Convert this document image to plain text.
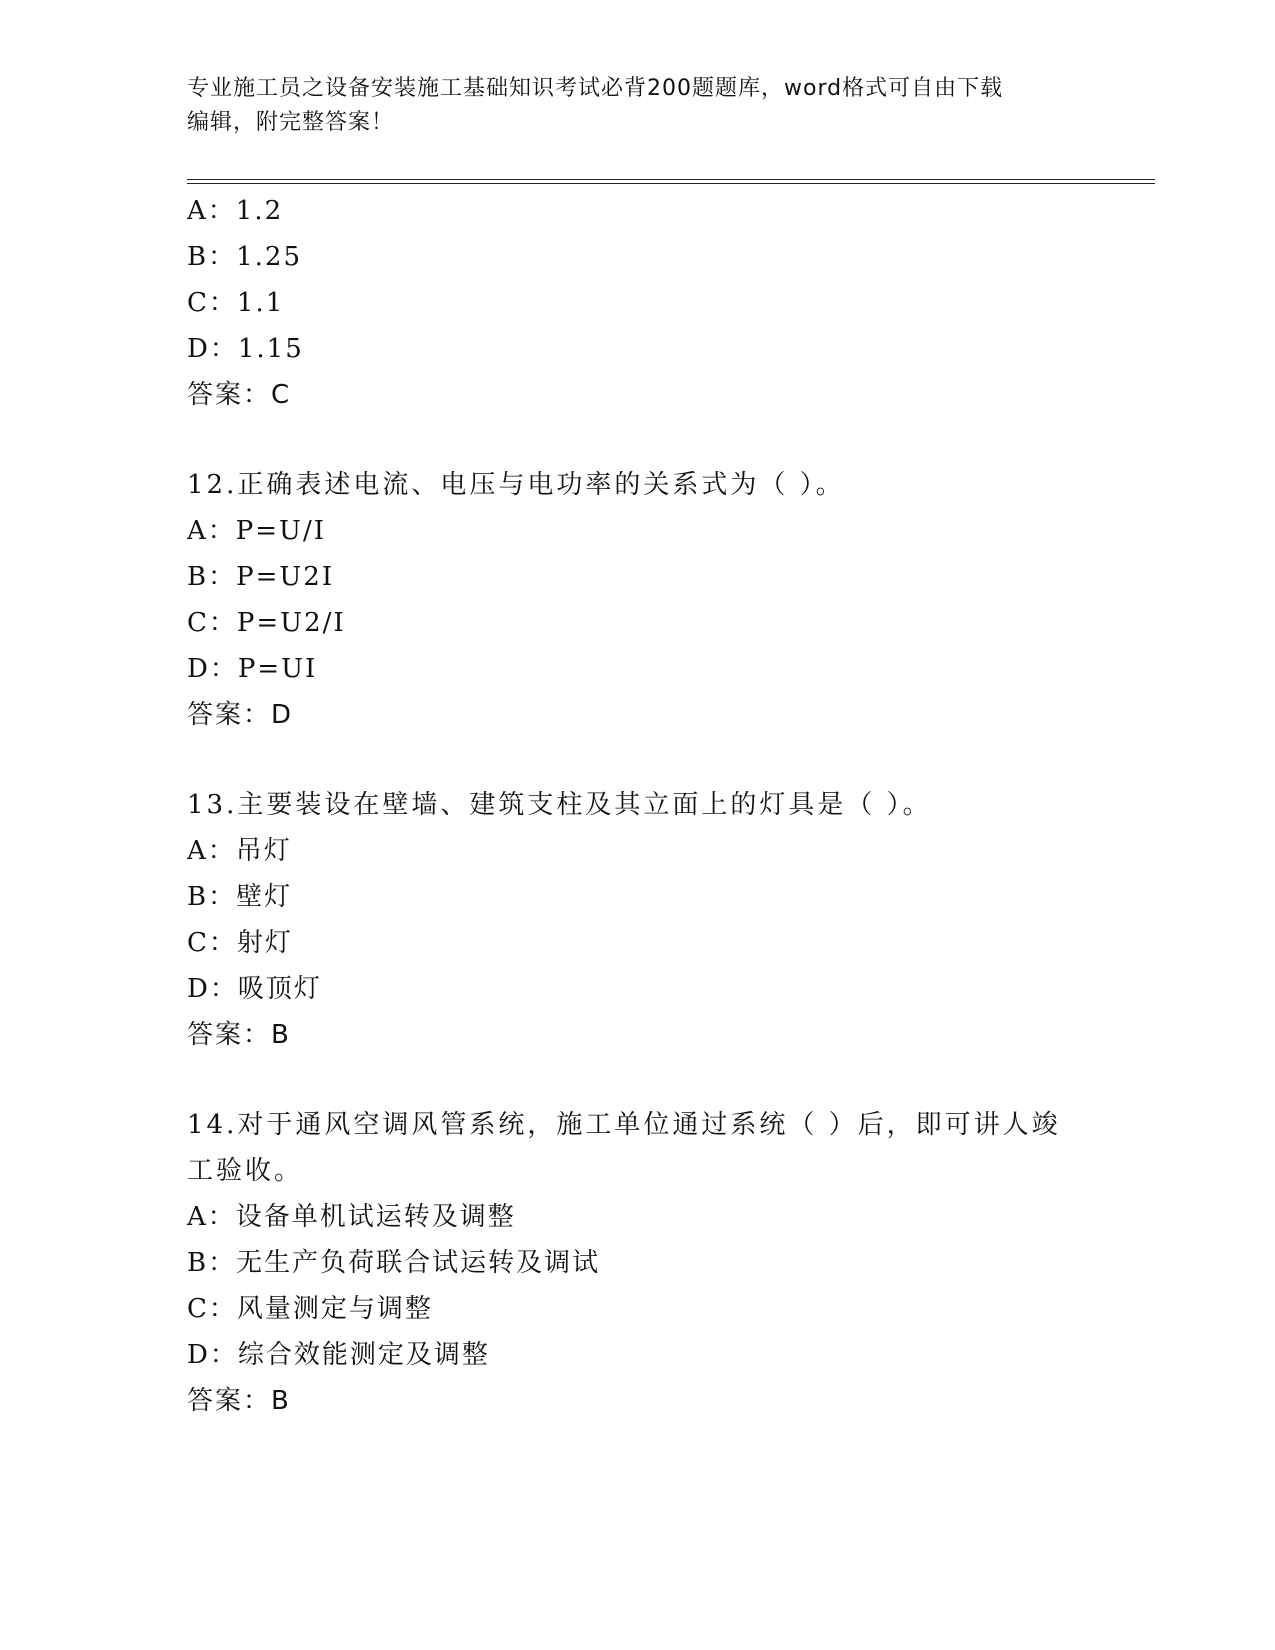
专业施工员之设备安装施工基础知识考试必背200题题库，word格式可自由下载
编辑，附完整答案！
A：1.2
B：1.25
C：1.1
D：1.15
答案：C
12.正确表述电流、电压与电功率的关系式为（ ）。
A：P=U/I
B：P=U2I
C：P=U2/I
D：P=UI
答案：D
13.主要装设在壁墙、建筑支柱及其立面上的灯具是（ ）。
A：吊灯
B：壁灯
C：射灯
D：吸顶灯
答案：B
14.对于通风空调风管系统，施工单位通过系统（ ）后，即可讲人竣工验收。
A：设备单机试运转及调整
B：无生产负荷联合试运转及调试
C：风量测定与调整
D：综合效能测定及调整
答案：B
